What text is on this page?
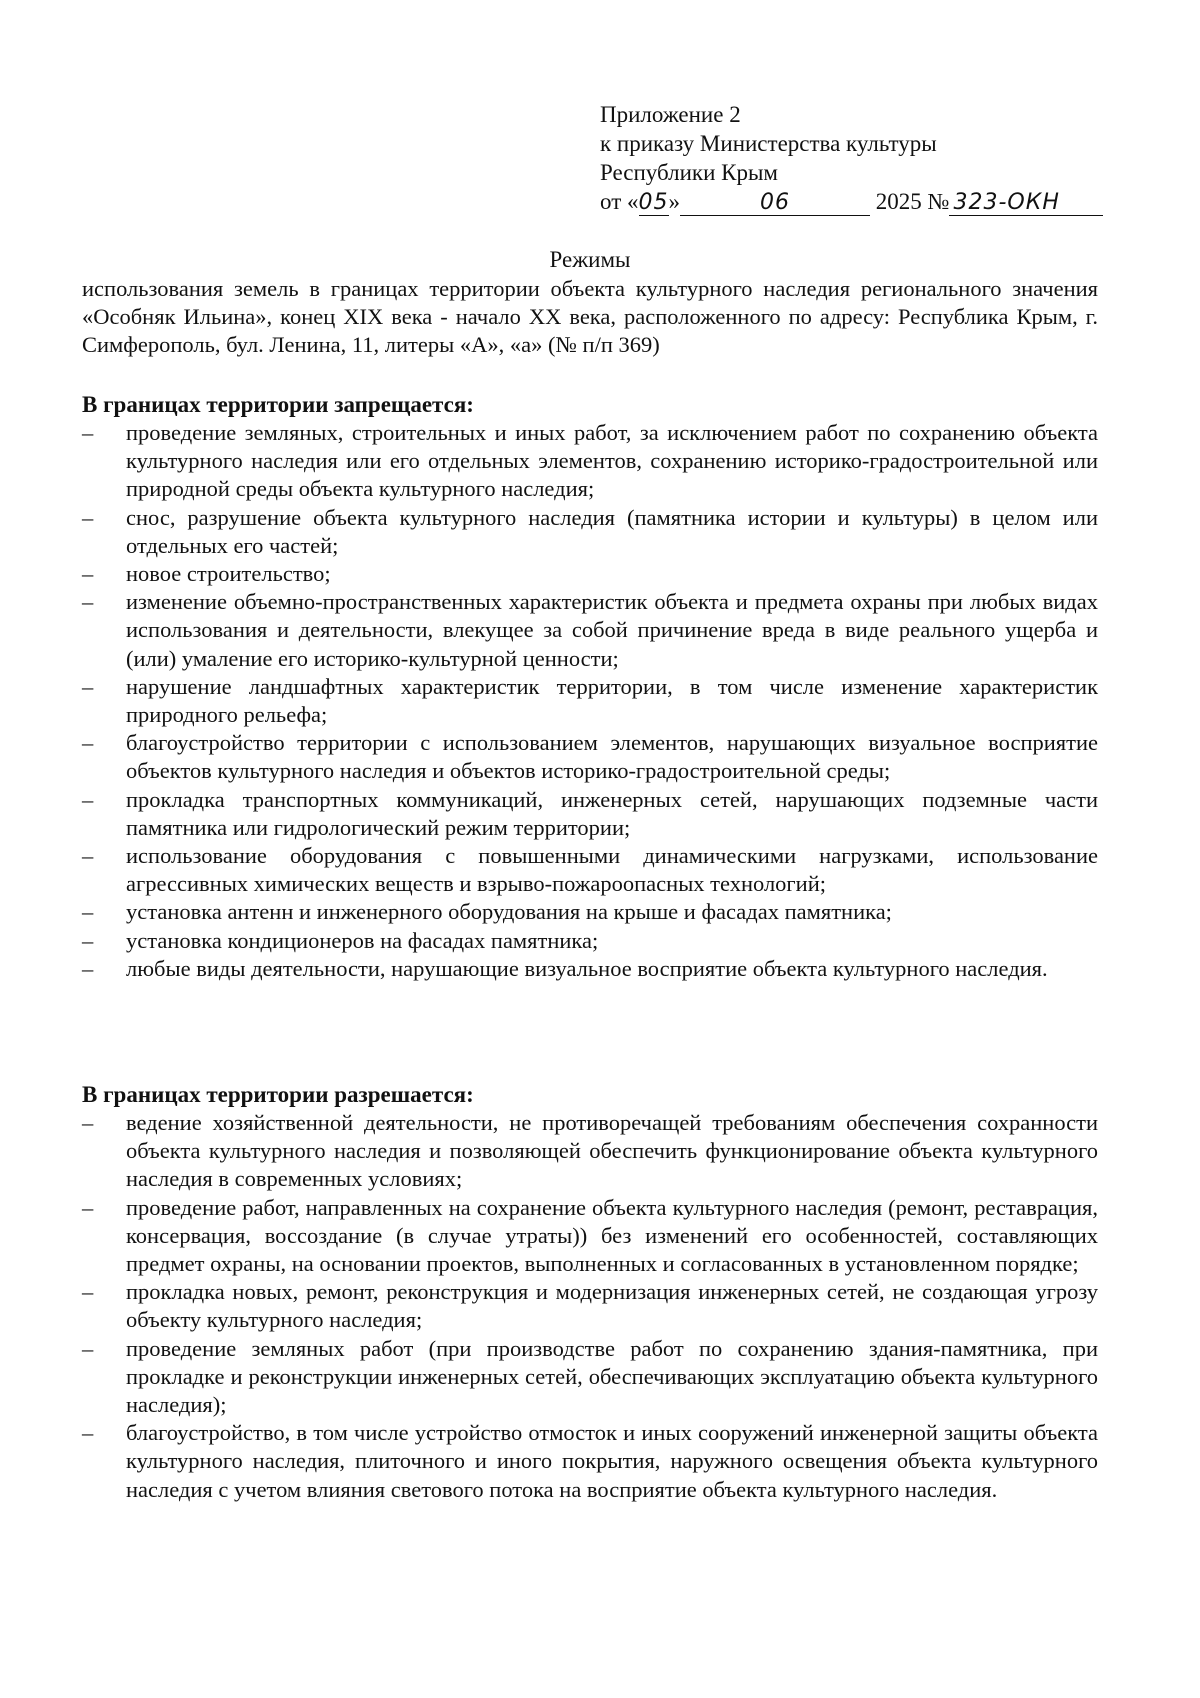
Приложение 2
к приказу Министерства культуры
Республики Крым
от «05»	06	2025 № 323-ОКН
Режимы
использования земель в границах территории объекта культурного наследия регионального значения «Особняк Ильина», конец XIX века - начало XX века, расположенного по адресу: Республика Крым, г. Симферополь, бул. Ленина, 11, литеры «А», «а» (№ п/п 369)

В границах территории запрещается:

– проведение земляных, строительных и иных работ, за исключением работ по сохранению объекта культурного наследия или его отдельных элементов, сохранению историко-градостроительной или природной среды объекта культурного наследия;
– снос, разрушение объекта культурного наследия (памятника истории и культуры) в целом или отдельных его частей;
– новое строительство;
– изменение объемно-пространственных характеристик объекта и предмета охраны при любых видах использования и деятельности, влекущее за собой причинение вреда в виде реального ущерба и (или) умаление его историко-культурной ценности;
– нарушение ландшафтных характеристик территории, в том числе изменение характеристик природного рельефа;
– благоустройство территории с использованием элементов, нарушающих визуальное восприятие объектов культурного наследия и объектов историко-градостроительной среды;
– прокладка транспортных коммуникаций, инженерных сетей, нарушающих подземные части памятника или гидрологический режим территории;
– использование оборудования с повышенными динамическими нагрузками, использование агрессивных химических веществ и взрыво-пожароопасных технологий;
– установка антенн и инженерного оборудования на крыше и фасадах памятника;
– установка кондиционеров на фасадах памятника;
– любые виды деятельности, нарушающие визуальное восприятие объекта культурного наследия.

В границах территории разрешается:

– ведение хозяйственной деятельности, не противоречащей требованиям обеспечения сохранности объекта культурного наследия и позволяющей обеспечить функционирование объекта культурного наследия в современных условиях;
– проведение работ, направленных на сохранение объекта культурного наследия (ремонт, реставрация, консервация, воссоздание (в случае утраты)) без изменений его особенностей, составляющих предмет охраны, на основании проектов, выполненных и согласованных в установленном порядке;
– прокладка новых, ремонт, реконструкция и модернизация инженерных сетей, не создающая угрозу объекту культурного наследия;
– проведение земляных работ (при производстве работ по сохранению здания-памятника, при прокладке и реконструкции инженерных сетей, обеспечивающих эксплуатацию объекта культурного наследия);
– благоустройство, в том числе устройство отмосток и иных сооружений инженерной защиты объекта культурного наследия, плиточного и иного покрытия, наружного освещения объекта культурного наследия с учетом влияния светового потока на восприятие объекта культурного наследия.
